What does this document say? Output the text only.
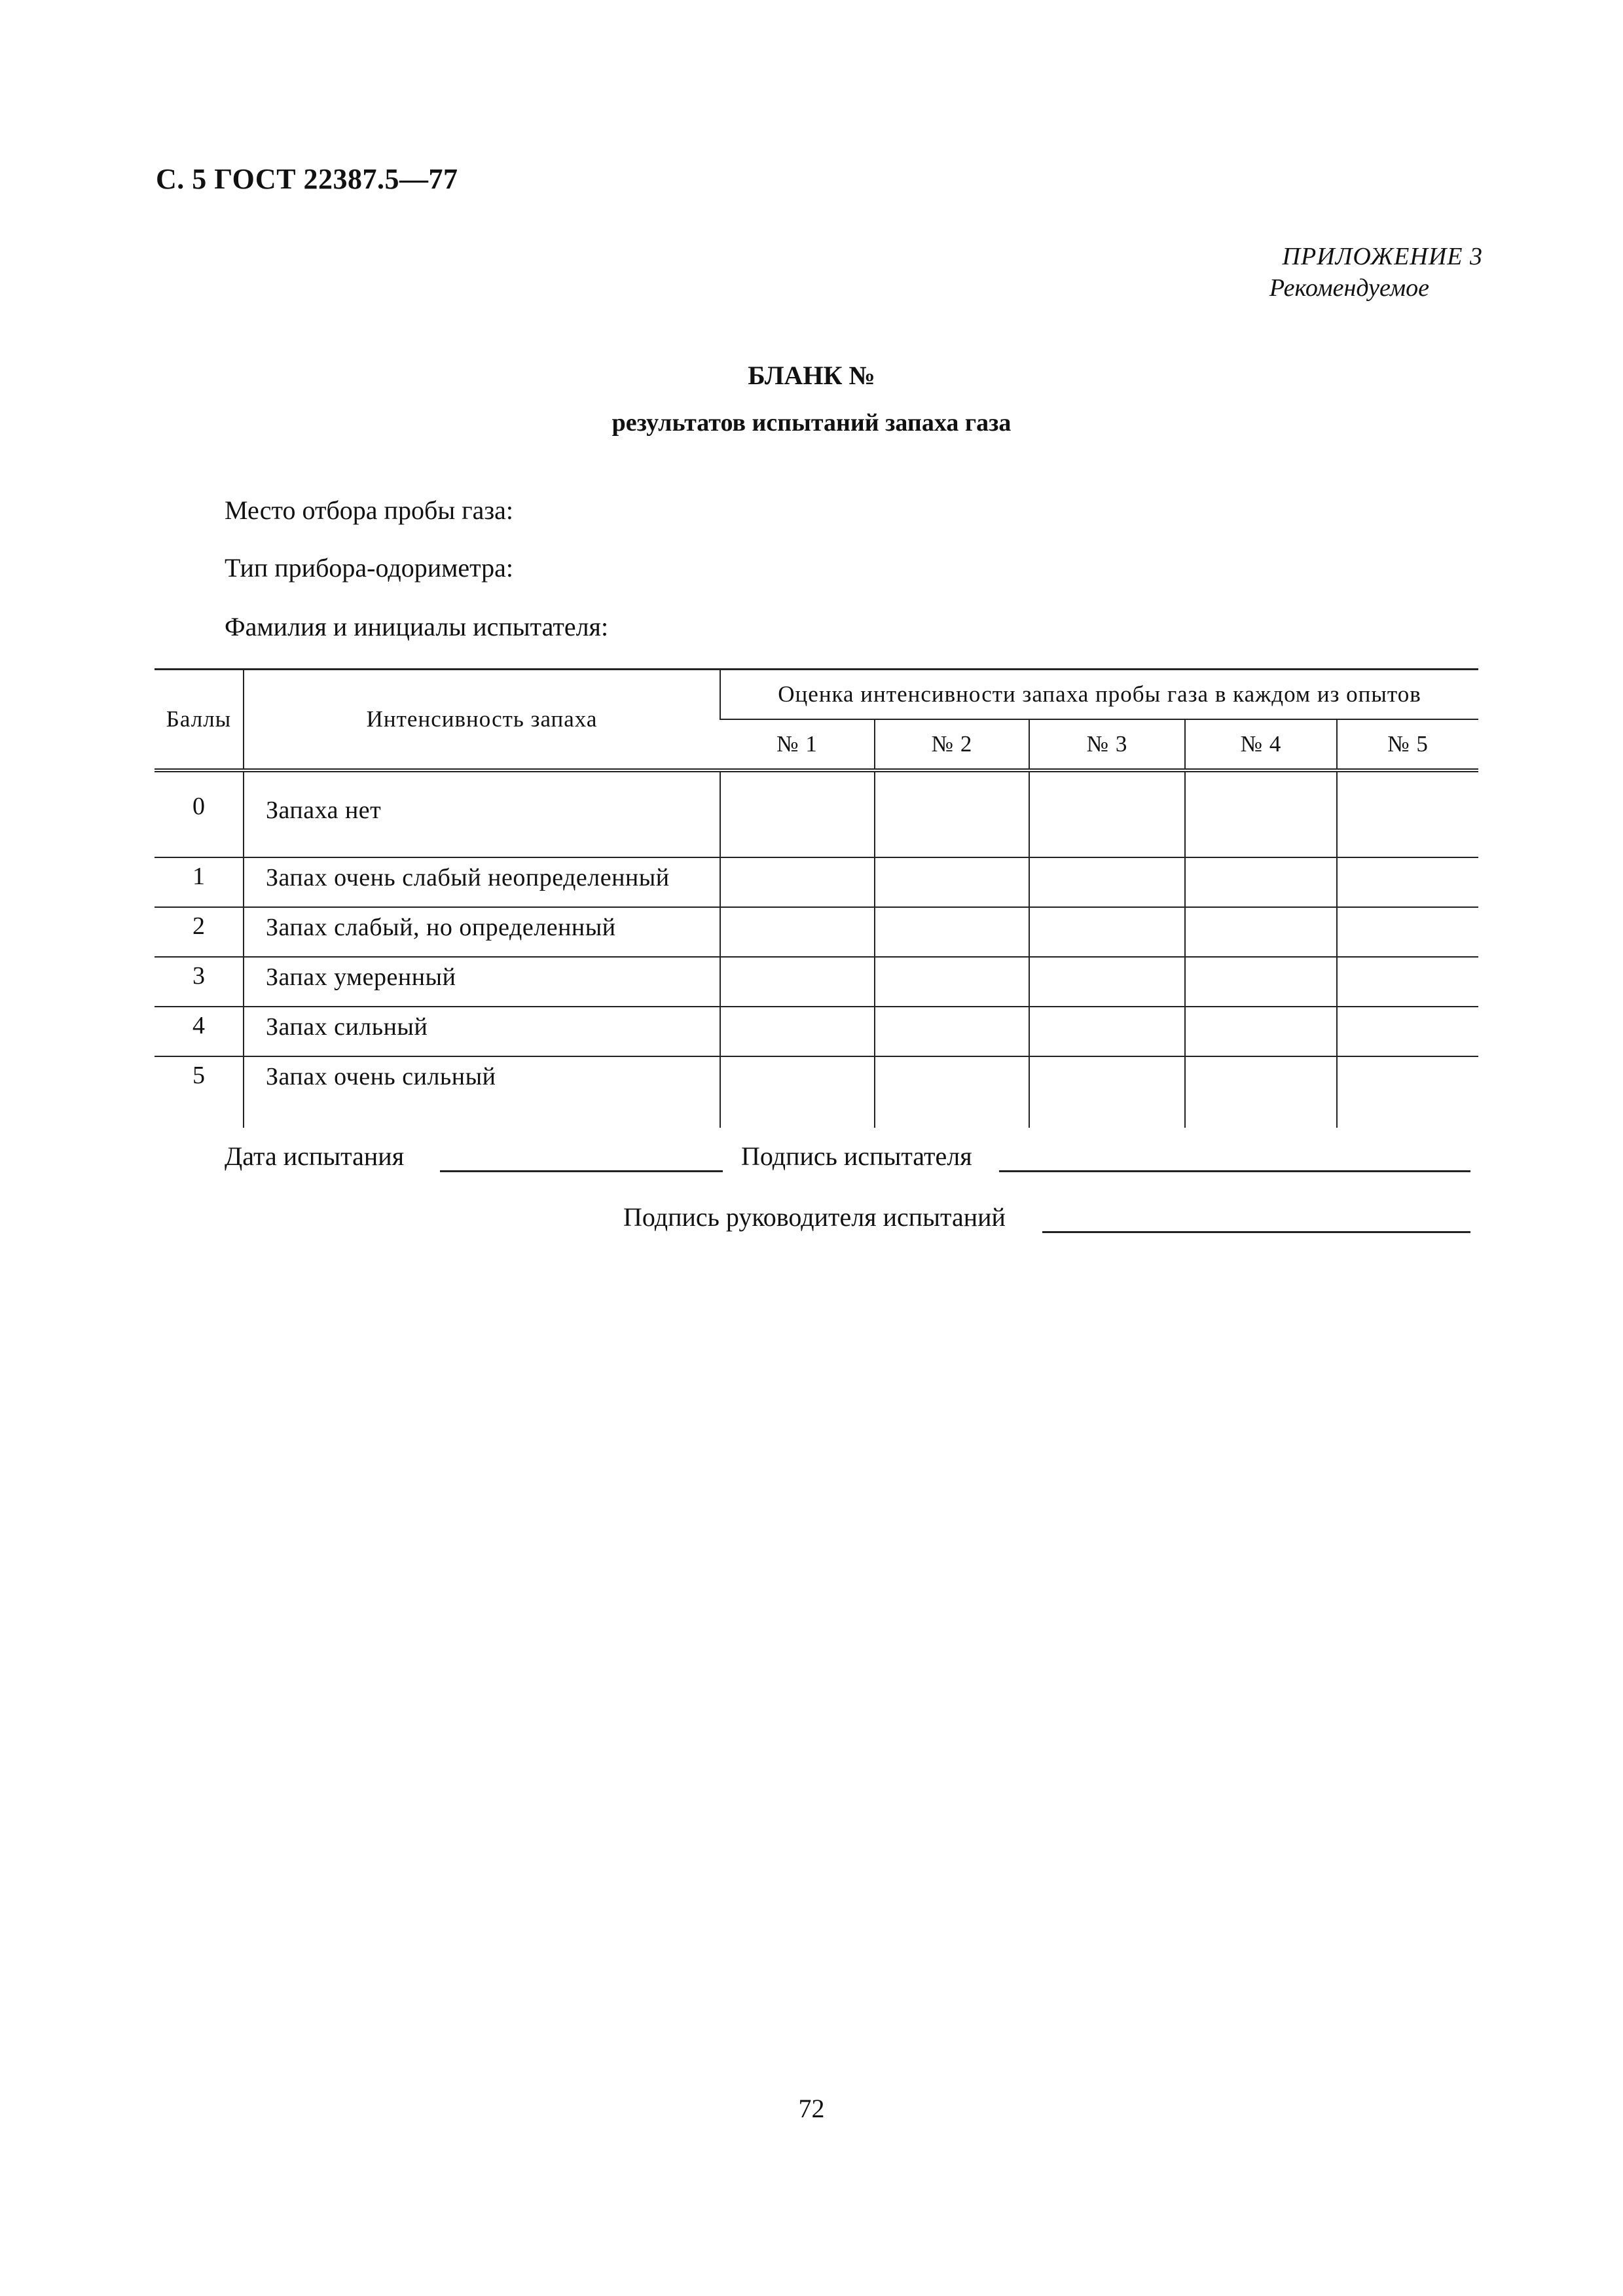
С. 5 ГОСТ 22387.5—77
ПРИЛОЖЕНИЕ 3
Рекомендуемое
БЛАНК №
результатов испытаний запаха газа
Место отбора пробы газа:
Тип прибора-одориметра:
Фамилия и инициалы испытателя:
Баллы	Интенсивность запаха	Оценка интенсивности запаха пробы газа в каждом из опытов				
		№ 1	№ 2	№ 3	№ 4	№ 5
0	Запаха нет					
1	Запах очень слабый неопределенный					
2	Запах слабый, но определенный					
3	Запах умеренный					
4	Запах сильный					
5	Запах очень сильный					
Дата испытания	Подпись испытателя
Подпись руководителя испытаний
72
